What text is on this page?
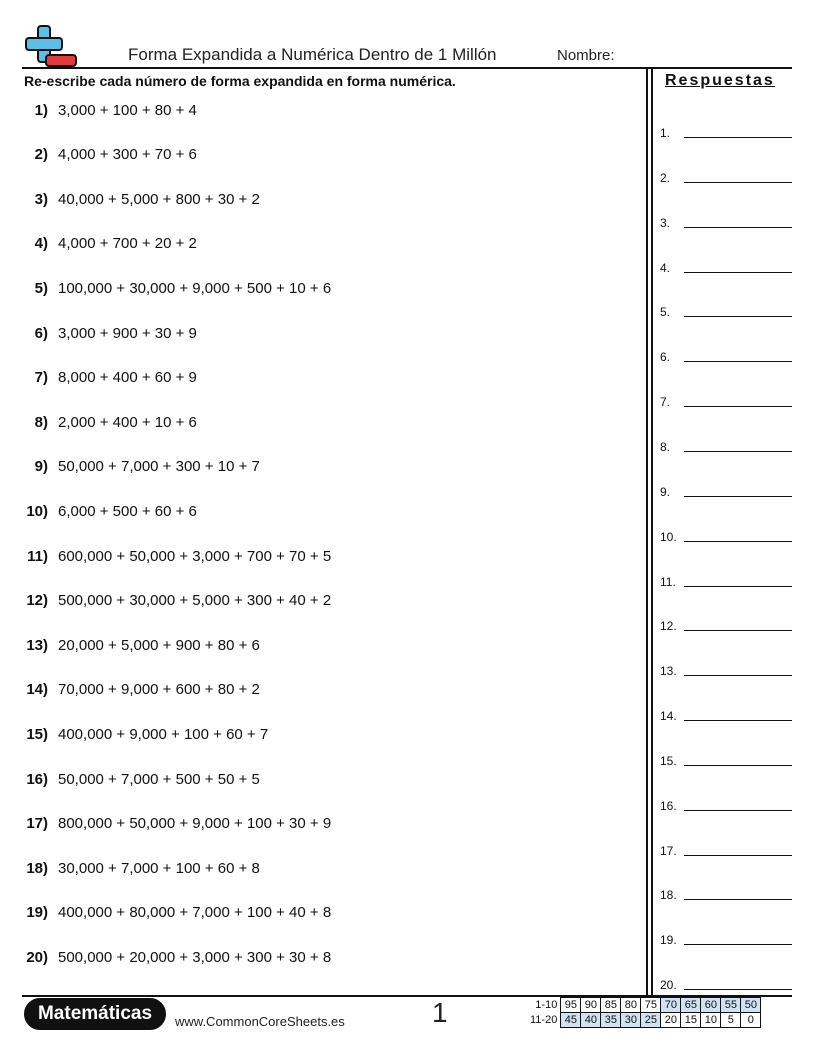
Forma Expandida a Numérica Dentro de 1 Millón	Nombre:
Re-escribe cada número de forma expandida en forma numérica.
1) 3,000 + 100 + 80 + 4
2) 4,000 + 300 + 70 + 6
3) 40,000 + 5,000 + 800 + 30 + 2
4) 4,000 + 700 + 20 + 2
5) 100,000 + 30,000 + 9,000 + 500 + 10 + 6
6) 3,000 + 900 + 30 + 9
7) 8,000 + 400 + 60 + 9
8) 2,000 + 400 + 10 + 6
9) 50,000 + 7,000 + 300 + 10 + 7
10) 6,000 + 500 + 60 + 6
11) 600,000 + 50,000 + 3,000 + 700 + 70 + 5
12) 500,000 + 30,000 + 5,000 + 300 + 40 + 2
13) 20,000 + 5,000 + 900 + 80 + 6
14) 70,000 + 9,000 + 600 + 80 + 2
15) 400,000 + 9,000 + 100 + 60 + 7
16) 50,000 + 7,000 + 500 + 50 + 5
17) 800,000 + 50,000 + 9,000 + 100 + 30 + 9
18) 30,000 + 7,000 + 100 + 60 + 8
19) 400,000 + 80,000 + 7,000 + 100 + 40 + 8
20) 500,000 + 20,000 + 3,000 + 300 + 30 + 8
Respuestas
1.
2.
3.
4.
5.
6.
7.
8.
9.
10.
11.
12.
13.
14.
15.
16.
17.
18.
19.
20.
Matemáticas	www.CommonCoreSheets.es	1	1-10	95	90	85	80	75	70	65	60	55	50
11-20	45	40	35	30	25	20	15	10	5	0
